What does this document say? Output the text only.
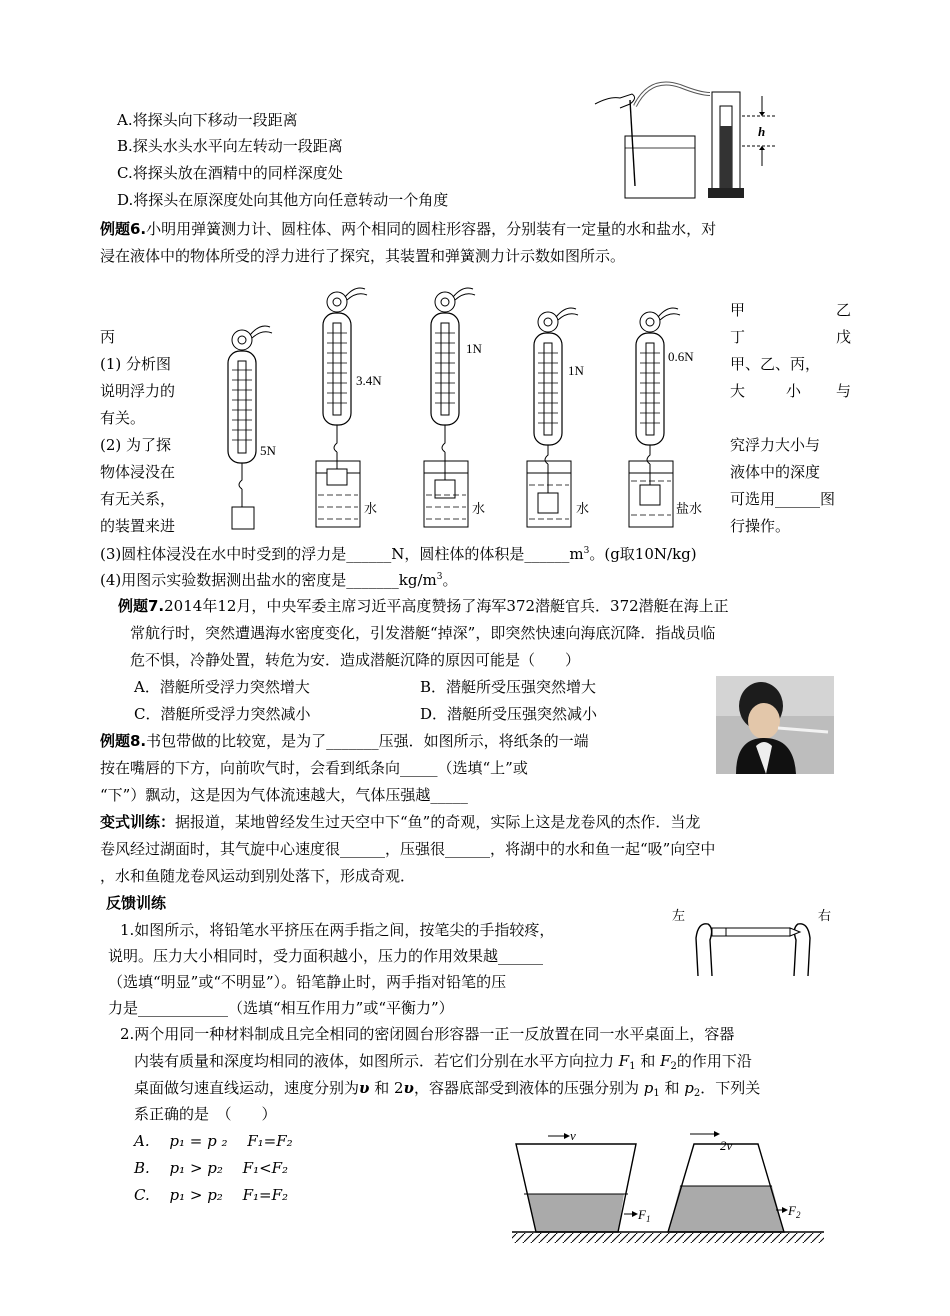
A.将探头向下移动一段距离
B.探头水头水平向左转动一段距离
C.将探头放在酒精中的同样深度处
D.将探头在原深度处向其他方向任意转动一个角度
h
例题6.小明用弹簧测力计、圆柱体、两个相同的圆柱形容器，分别装有一定量的水和盐水，对
浸在液体中的物体所受的浮力进行了探究，其装置和弹簧测力计示数如图所示。
甲	乙
丁	戊
甲、乙、丙，
大	小 与
究浮力大小与
液体中的深度
可选用______图
行操作。
丙
(1) 分析图
说明浮力的
有关。
(2) 为了探
物体浸没在
有无关系，
的装置来进
5N
3.4N
水
1N
水
1N
水
0.6N
盐水
(3)圆柱体浸没在水中时受到的浮力是______N，圆柱体的体积是$\_\_\_\_\_\_m^3$。(g取10N/kg)
(4)用图示实验数据测出盐水的密度是$\_\_\_\_\_\_\_kg/m^3$。
例题7.2014年12月，中央军委主席习近平高度赞扬了海军372潜艇官兵．372潜艇在海上正
常航行时，突然遭遇海水密度变化，引发潜艇“掉深”，即突然快速向海底沉降．指战员临
危不惧，冷静处置，转危为安．造成潜艇沉降的原因可能是（　　）
A．潜艇所受浮力突然增大	B．潜艇所受压强突然增大
C．潜艇所受浮力突然减小	D．潜艇所受压强突然减小
例题8.书包带做的比较宽，是为了_______压强．如图所示，将纸条的一端
按在嘴唇的下方，向前吹气时，会看到纸条向_____（选填“上”或
“下”）飘动，这是因为气体流速越大，气体压强越_____
变式训练：据报道，某地曾经发生过天空中下“鱼”的奇观，实际上这是龙卷风的杰作．当龙
卷风经过湖面时，其气旋中心速度很______，压强很______，将湖中的水和鱼一起“吸”向空中
，水和鱼随龙卷风运动到别处落下，形成奇观．
反馈训练
1.如图所示，将铅笔水平挤压在两手指之间，按笔尖的手指较疼，
说明。压力大小相同时，受力面积越小，压力的作用效果越______
（选填“明显”或“不明显”）。铅笔静止时，两手指对铅笔的压
力是____________（选填“相互作用力”或“平衡力”）
左	右
2.两个用同一种材料制成且完全相同的密闭圆台形容器一正一反放置在同一水平桌面上，容器
内装有质量和深度均相同的液体，如图所示．若它们分别在水平方向拉力 $F_1$ 和 $F_2$的作用下沿
桌面做匀速直线运动，速度分别为υ 和 2υ，容器底部受到液体的压强分别为 $p_1$ 和 $p_2$．下列关
系正确的是　（　　）
A.　 p₁ = p ₂　 F₁=F₂
B.　 p₁ > p₂　 F₁<F₂
C.　 p₁ > p₂　 F₁=F₂
v
$F_1$
2v
$F_2$
